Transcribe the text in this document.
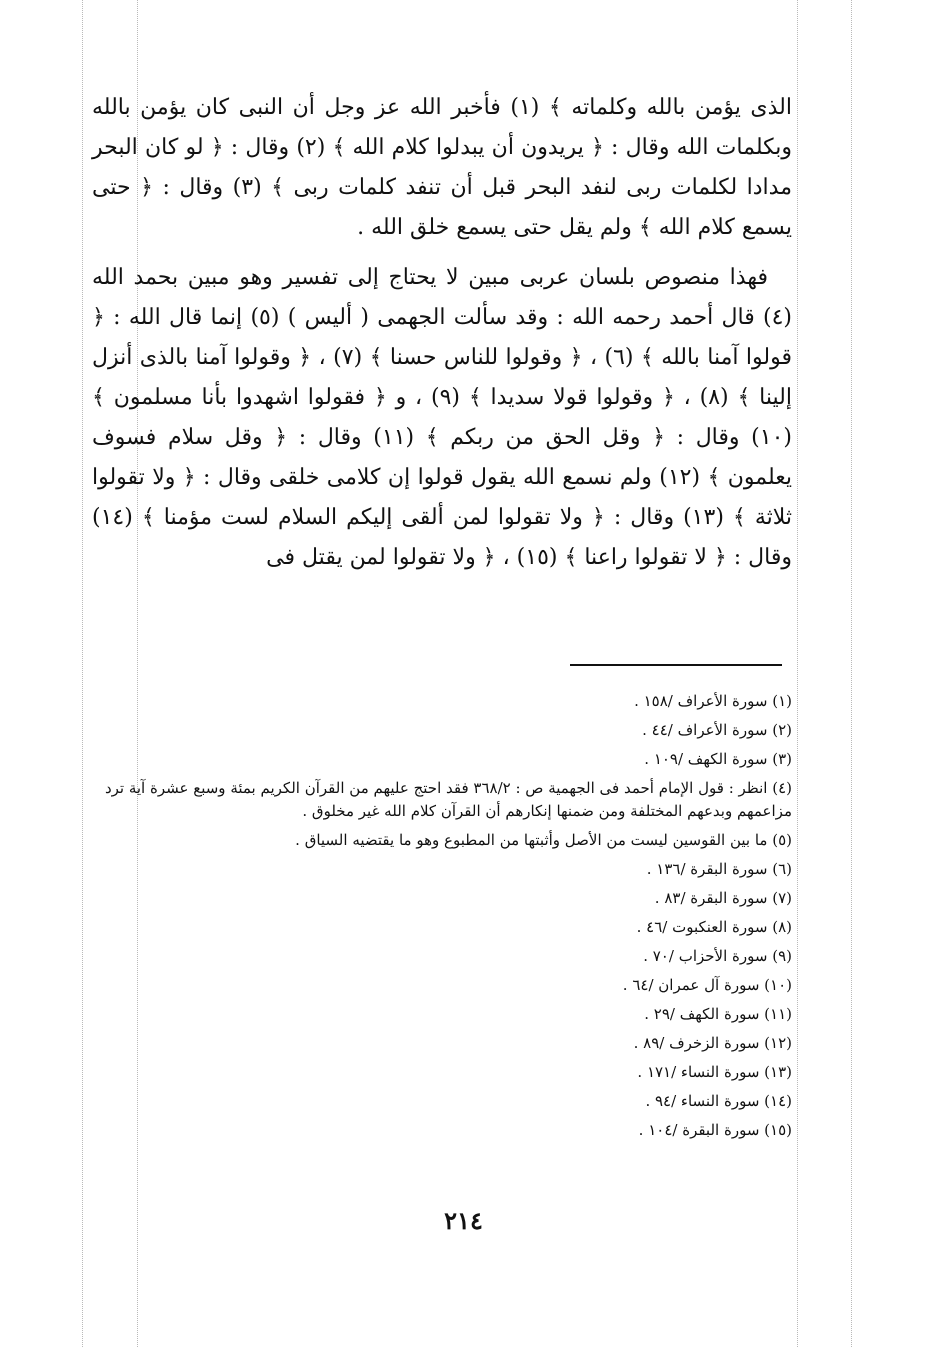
الذى يؤمن بالله وكلماته ﴾ (١) فأخبر الله عز وجل أن النبى كان يؤمن بالله وبكلمات الله وقال : ﴿ يريدون أن يبدلوا كلام الله ﴾ (٢) وقال : ﴿ لو كان البحر مدادا لكلمات ربى لنفد البحر قبل أن تنفد كلمات ربى ﴾ (٣) وقال : ﴿ حتى يسمع كلام الله ﴾ ولم يقل حتى يسمع خلق الله .

فهذا منصوص بلسان عربى مبين لا يحتاج إلى تفسير وهو مبين بحمد الله (٤) قال أحمد رحمه الله : وقد سألت الجهمى ( أليس ) (٥) إنما قال الله : ﴿ قولوا آمنا بالله ﴾ (٦) ، ﴿ وقولوا للناس حسنا ﴾ (٧) ، ﴿ وقولوا آمنا بالذى أنزل إلينا ﴾ (٨) ، ﴿ وقولوا قولا سديدا ﴾ (٩) ، و ﴿ فقولوا اشهدوا بأنا مسلمون ﴾ (١٠) وقال : ﴿ وقل الحق من ربكم ﴾ (١١) وقال : ﴿ وقل سلام فسوف يعلمون ﴾ (١٢) ولم نسمع الله يقول قولوا إن كلامى خلقى وقال : ﴿ ولا تقولوا ثلاثة ﴾ (١٣) وقال : ﴿ ولا تقولوا لمن ألقى إليكم السلام لست مؤمنا ﴾ (١٤) وقال : ﴿ لا تقولوا راعنا ﴾ (١٥) ، ﴿ ولا تقولوا لمن يقتل فى

(١) سورة الأعراف /١٥٨ .
(٢) سورة الأعراف /٤٤ .
(٣) سورة الكهف /١٠٩ .
(٤) انظر : قول الإمام أحمد فى الجهمية ص : ٣٦٨/٢ فقد احتج عليهم من القرآن الكريم بمئة وسبع عشرة آية ترد مزاعمهم وبدعهم المختلفة ومن ضمنها إنكارهم أن القرآن كلام الله غير مخلوق .
(٥) ما بين القوسين ليست من الأصل وأثبتها من المطبوع وهو ما يقتضيه السياق .
(٦) سورة البقرة /١٣٦ .
(٧) سورة البقرة /٨٣ .
(٨) سورة العنكبوت /٤٦ .
(٩) سورة الأحزاب /٧٠ .
(١٠) سورة آل عمران /٦٤ .
(١١) سورة الكهف /٢٩ .
(١٢) سورة الزخرف /٨٩ .
(١٣) سورة النساء /١٧١ .
(١٤) سورة النساء /٩٤ .
(١٥) سورة البقرة /١٠٤ .
٢١٤
